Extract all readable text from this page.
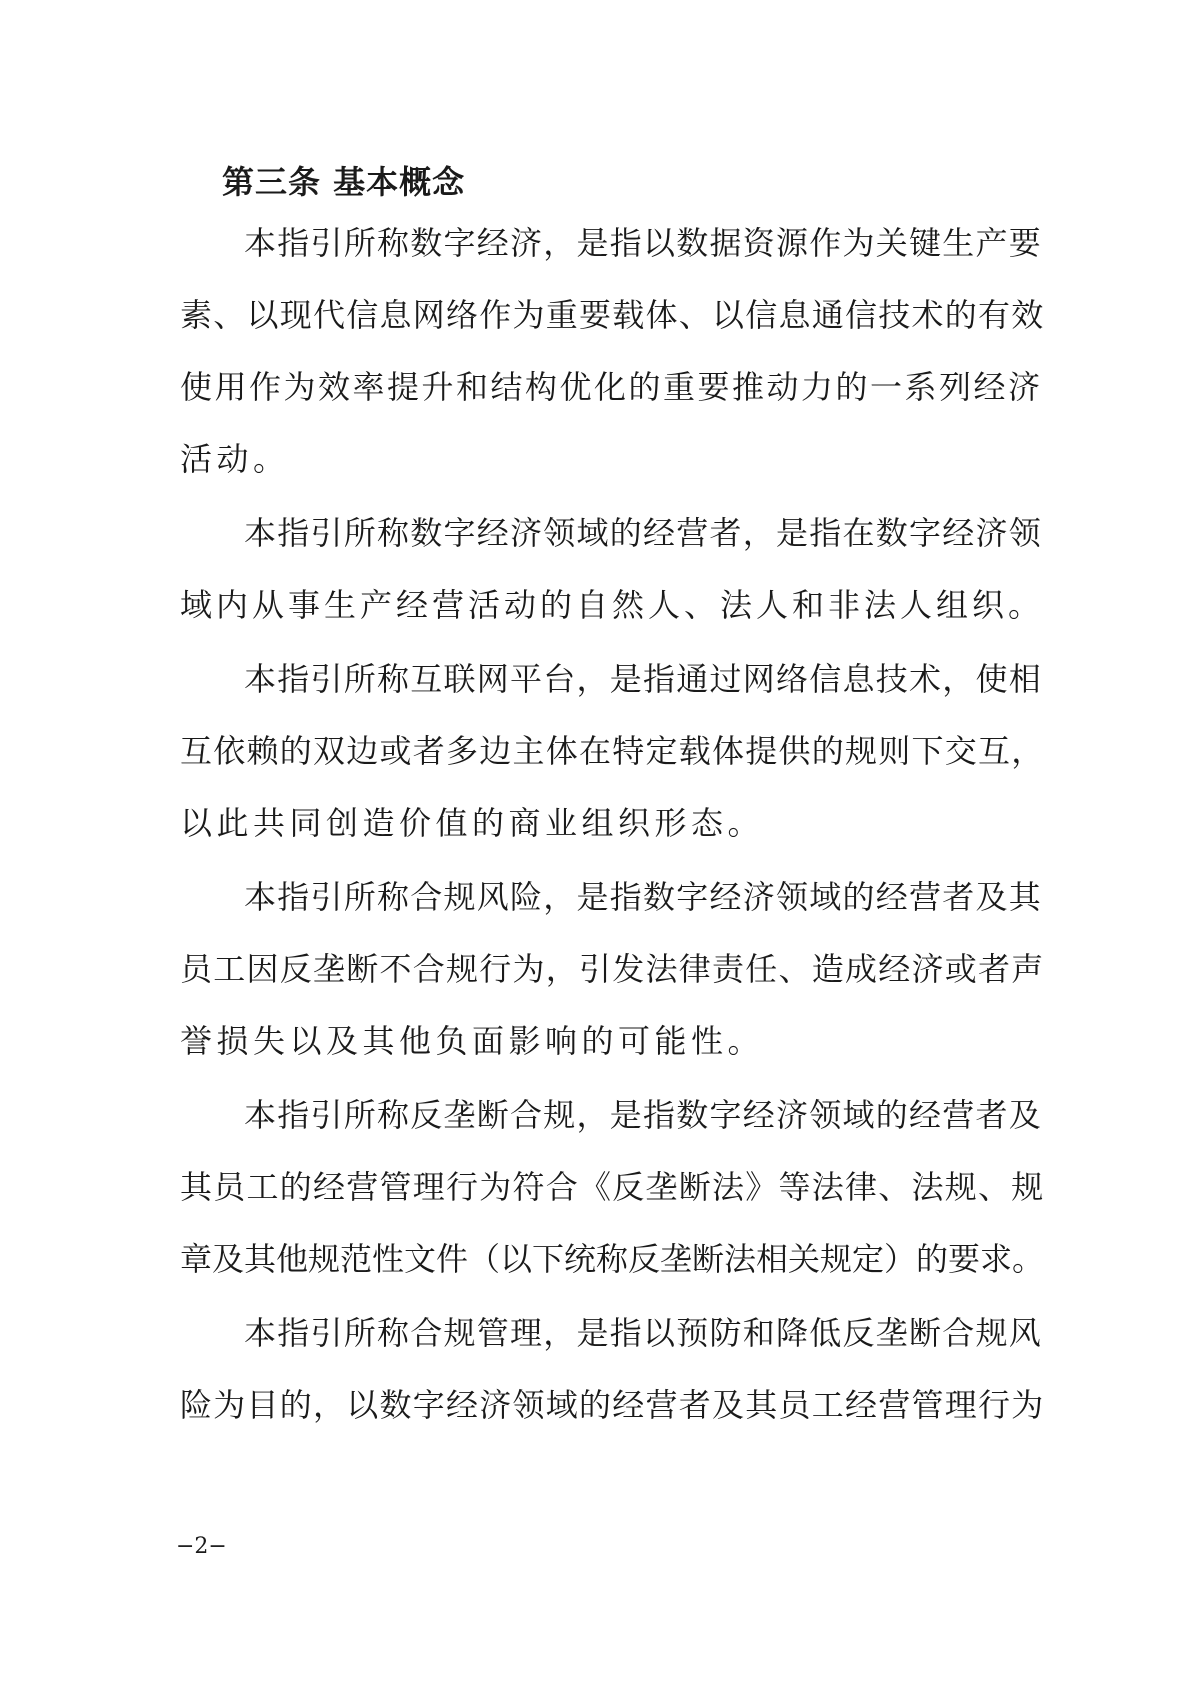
第三条 基本概念
本指引所称数字经济，是指以数据资源作为关键生产要
素、以现代信息网络作为重要载体、以信息通信技术的有效
使用作为效率提升和结构优化的重要推动力的一系列经济
活动。
本指引所称数字经济领域的经营者，是指在数字经济领
域内从事生产经营活动的自然人、法人和非法人组织。
本指引所称互联网平台，是指通过网络信息技术，使相
互依赖的双边或者多边主体在特定载体提供的规则下交互，
以此共同创造价值的商业组织形态。
本指引所称合规风险，是指数字经济领域的经营者及其
员工因反垄断不合规行为，引发法律责任、造成经济或者声
誉损失以及其他负面影响的可能性。
本指引所称反垄断合规，是指数字经济领域的经营者及
其员工的经营管理行为符合《反垄断法》等法律、法规、规
章及其他规范性文件（以下统称反垄断法相关规定）的要求。
本指引所称合规管理，是指以预防和降低反垄断合规风
险为目的，以数字经济领域的经营者及其员工经营管理行为
−2−
